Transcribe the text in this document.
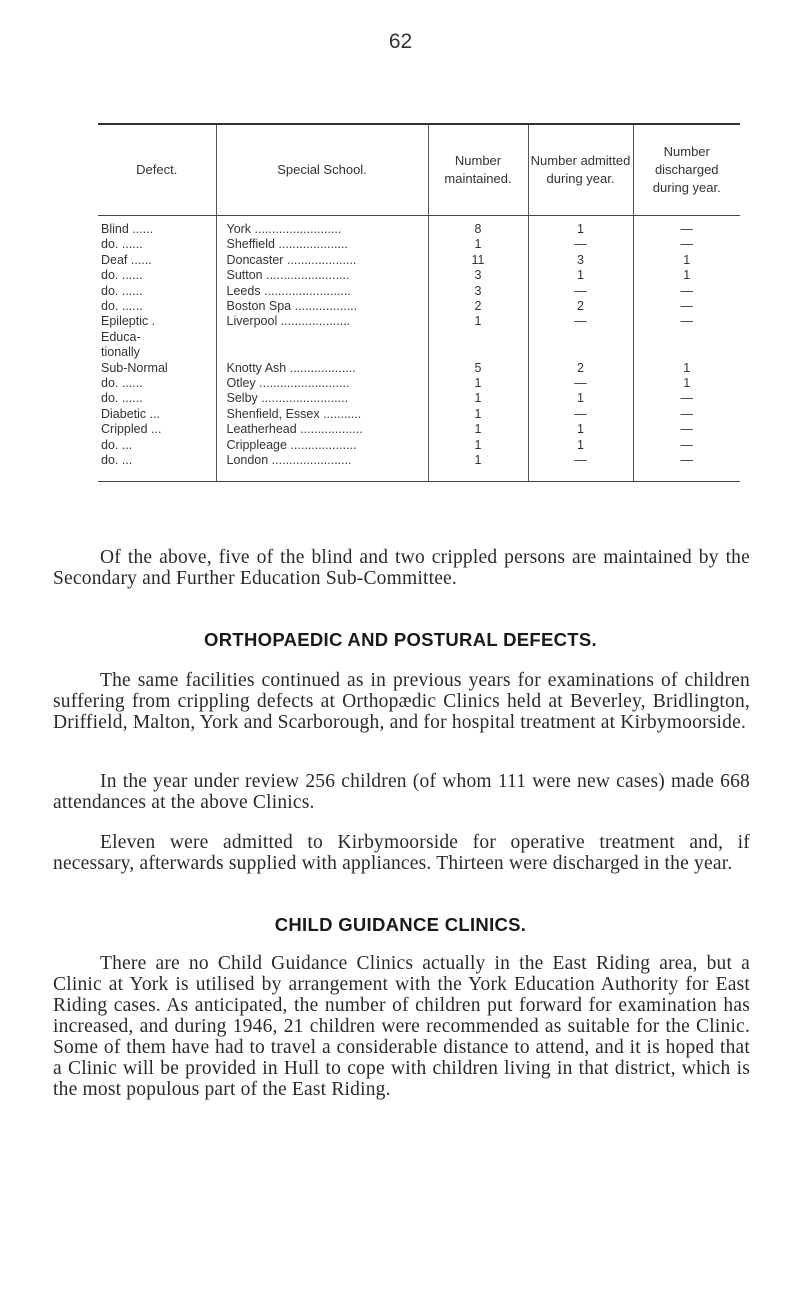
62
Defect.	Special School.	Number maintained.	Number admitted during year.	Number discharged during year.
Blind ......	York .........................	8	1	—
do. ......	Sheffield ....................	1	—	—
Deaf ......	Doncaster ....................	11	3	1
do. ......	Sutton ........................	3	1	1
do. ......	Leeds .........................	3	—	—
do. ......	Boston Spa ..................	2	2	—
Epileptic .	Liverpool ....................	1	—	—
Educa-				
tionally				
Sub-Normal	Knotty Ash ...................	5	2	1
do. ......	Otley ..........................	1	—	1
do. ......	Selby .........................	1	1	—
Diabetic ...	Shenfield, Essex ...........	1	—	—
Crippled ...	Leatherhead ..................	1	1	—
do. ...	Crippleage ...................	1	1	—
do. ...	London .......................	1	—	—

Of the above, five of the blind and two crippled persons are maintained by the Secondary and Further Education Sub-Committee.

ORTHOPAEDIC AND POSTURAL DEFECTS.

The same facilities continued as in previous years for examinations of children suffering from crippling defects at Orthopædic Clinics held at Beverley, Bridlington, Driffield, Malton, York and Scarborough, and for hospital treatment at Kirbymoorside.

In the year under review 256 children (of whom 111 were new cases) made 668 attendances at the above Clinics.

Eleven were admitted to Kirbymoorside for operative treatment and, if necessary, afterwards supplied with appliances. Thirteen were discharged in the year.

CHILD GUIDANCE CLINICS.

There are no Child Guidance Clinics actually in the East Riding area, but a Clinic at York is utilised by arrangement with the York Education Authority for East Riding cases. As anticipated, the number of children put forward for examination has increased, and during 1946, 21 children were recommended as suitable for the Clinic. Some of them have had to travel a considerable distance to attend, and it is hoped that a Clinic will be provided in Hull to cope with children living in that district, which is the most populous part of the East Riding.
